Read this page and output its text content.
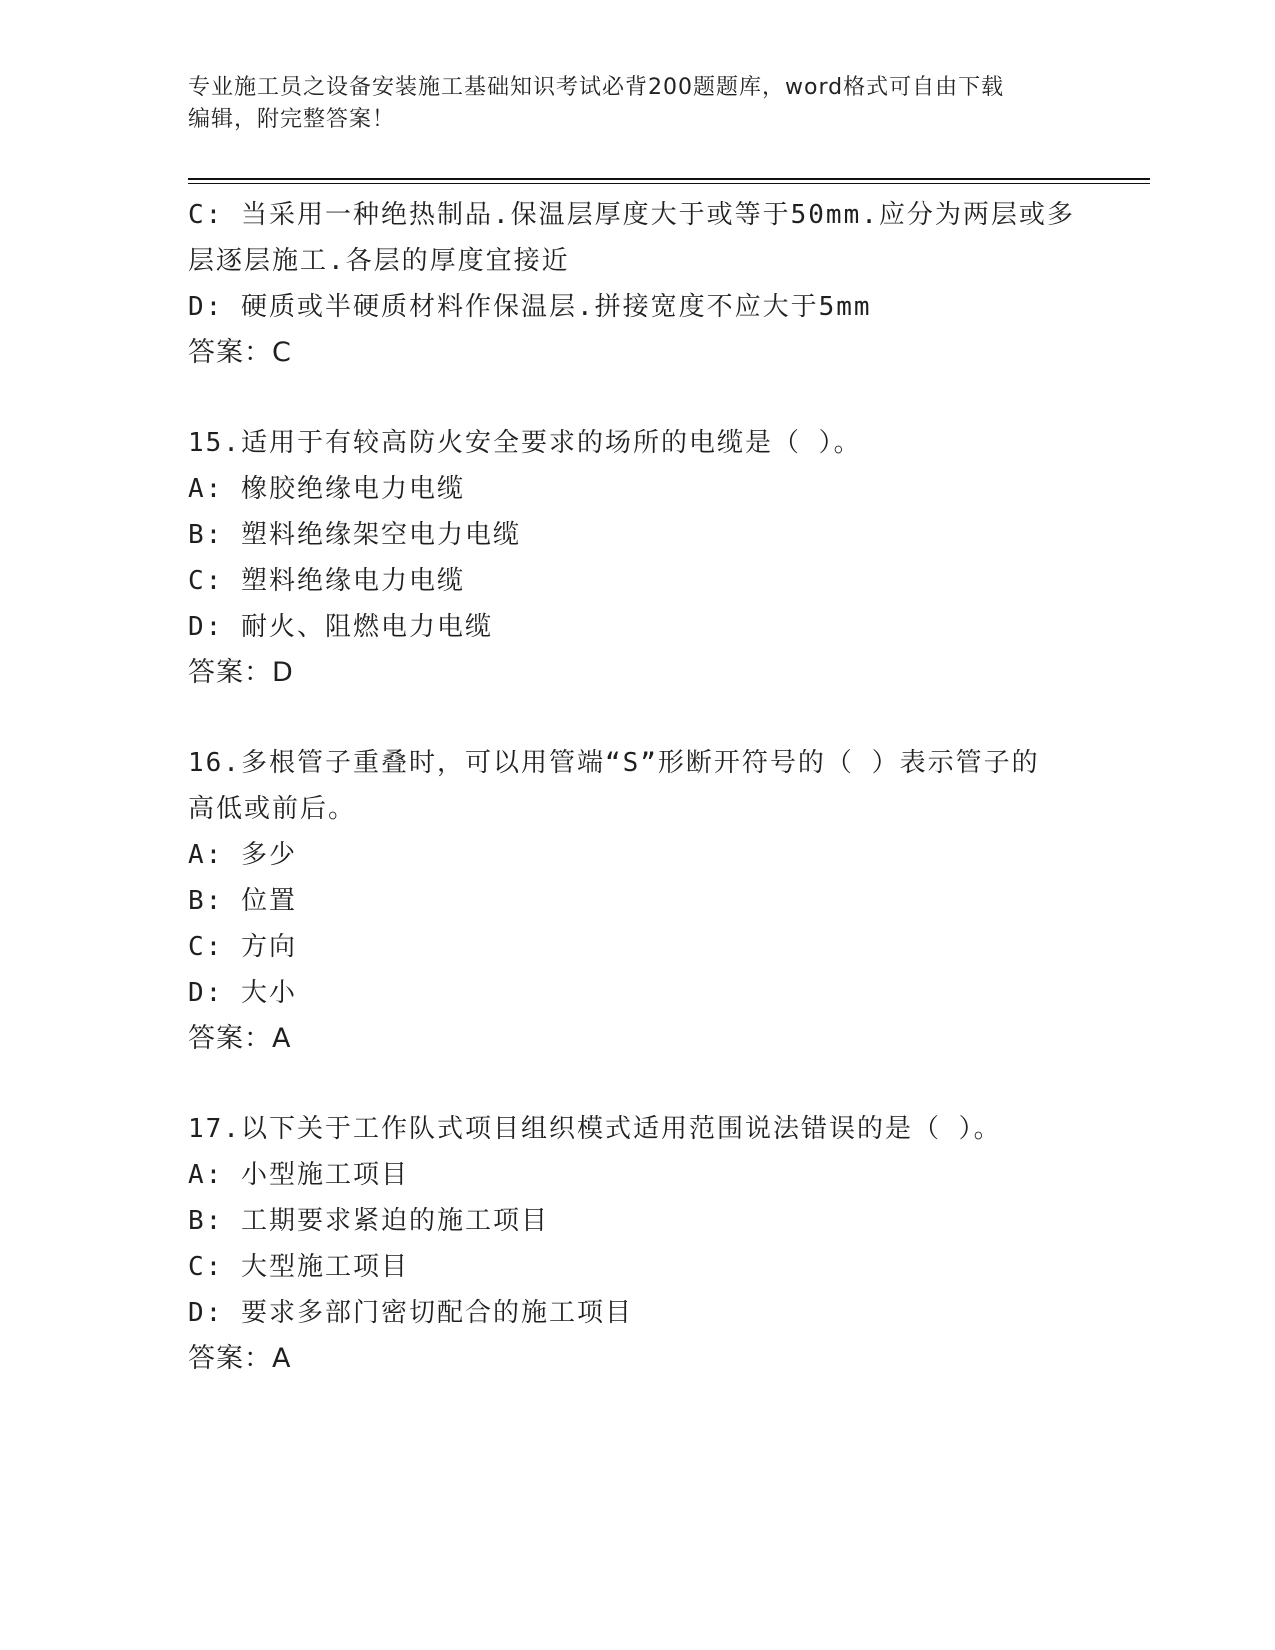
专业施工员之设备安装施工基础知识考试必背200题题库，word格式可自由下载
编辑，附完整答案！
C: 当采用一种绝热制品.保温层厚度大于或等于50mm.应分为两层或多
层逐层施工.各层的厚度宜接近
D: 硬质或半硬质材料作保温层.拼接宽度不应大于5mm
答案：C
15.适用于有较高防火安全要求的场所的电缆是（ ）。
A: 橡胶绝缘电力电缆
B: 塑料绝缘架空电力电缆
C: 塑料绝缘电力电缆
D: 耐火、阻燃电力电缆
答案：D
16.多根管子重叠时，可以用管端“S”形断开符号的（ ）表示管子的
高低或前后。
A: 多少
B: 位置
C: 方向
D: 大小
答案：A
17.以下关于工作队式项目组织模式适用范围说法错误的是（ ）。
A: 小型施工项目
B: 工期要求紧迫的施工项目
C: 大型施工项目
D: 要求多部门密切配合的施工项目
答案：A
